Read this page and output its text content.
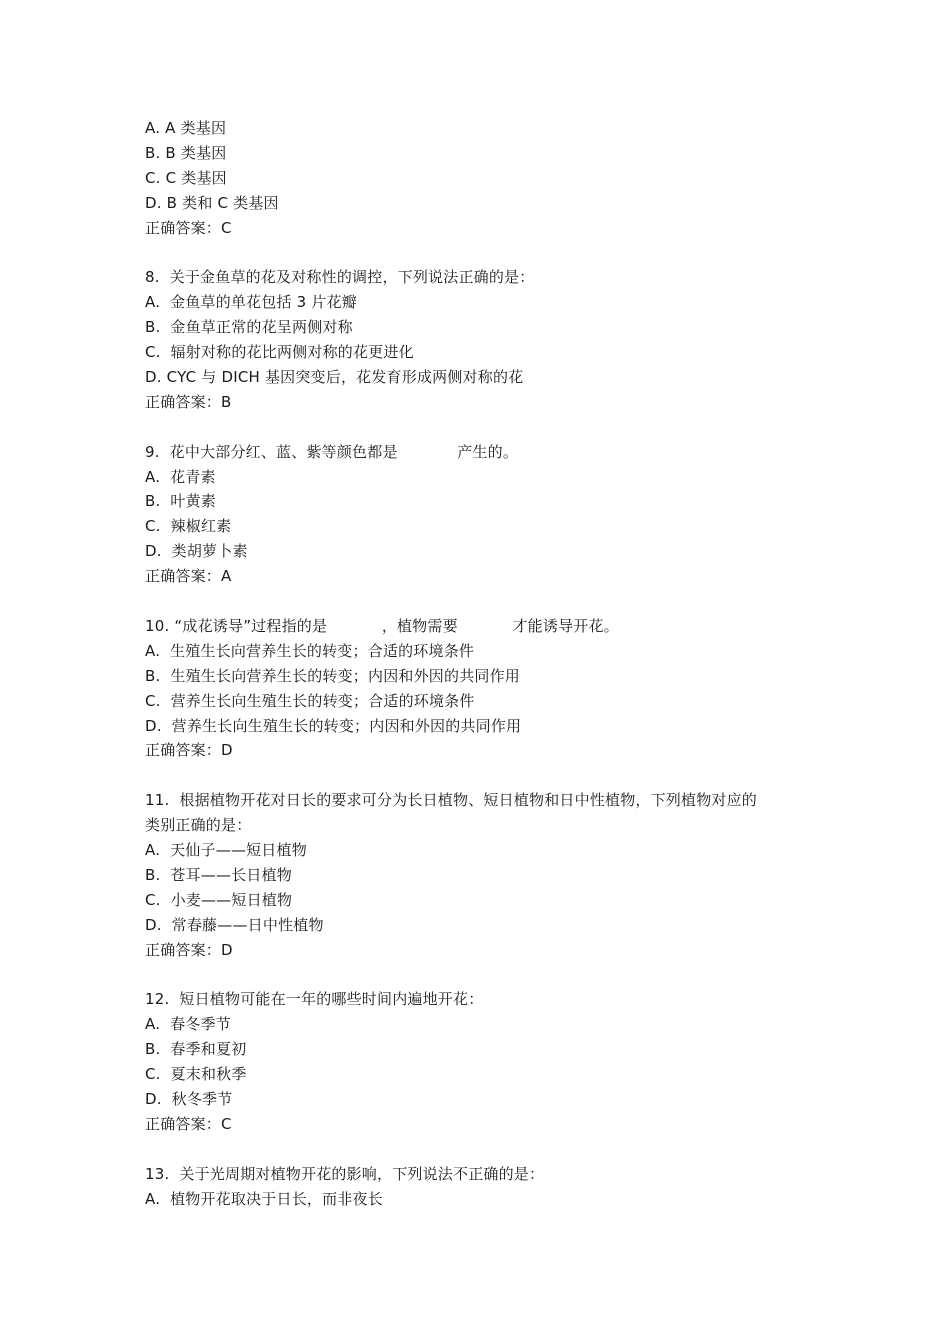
A. A 类基因
B. B 类基因
C. C 类基因
D. B 类和 C 类基因
正确答案：C
8.  关于金鱼草的花及对称性的调控，下列说法正确的是：
A.  金鱼草的单花包括 3 片花瓣
B.  金鱼草正常的花呈两侧对称
C.  辐射对称的花比两侧对称的花更进化
D. CYC 与 DICH 基因突变后，花发育形成两侧对称的花
正确答案：B
9.  花中大部分红、蓝、紫等颜色都是            产生的。
A.  花青素
B.  叶黄素
C.  辣椒红素
D.  类胡萝卜素
正确答案：A
10. “成花诱导”过程指的是           ，植物需要           才能诱导开花。
A.  生殖生长向营养生长的转变；合适的环境条件
B.  生殖生长向营养生长的转变；内因和外因的共同作用
C.  营养生长向生殖生长的转变；合适的环境条件
D.  营养生长向生殖生长的转变；内因和外因的共同作用
正确答案：D
11.  根据植物开花对日长的要求可分为长日植物、短日植物和日中性植物，下列植物对应的
类别正确的是：
A.  天仙子——短日植物
B.  苍耳——长日植物
C.  小麦——短日植物
D.  常春藤——日中性植物
正确答案：D
12.  短日植物可能在一年的哪些时间内遍地开花：
A.  春冬季节
B.  春季和夏初
C.  夏末和秋季
D.  秋冬季节
正确答案：C
13.  关于光周期对植物开花的影响，下列说法不正确的是：
A.  植物开花取决于日长，而非夜长
